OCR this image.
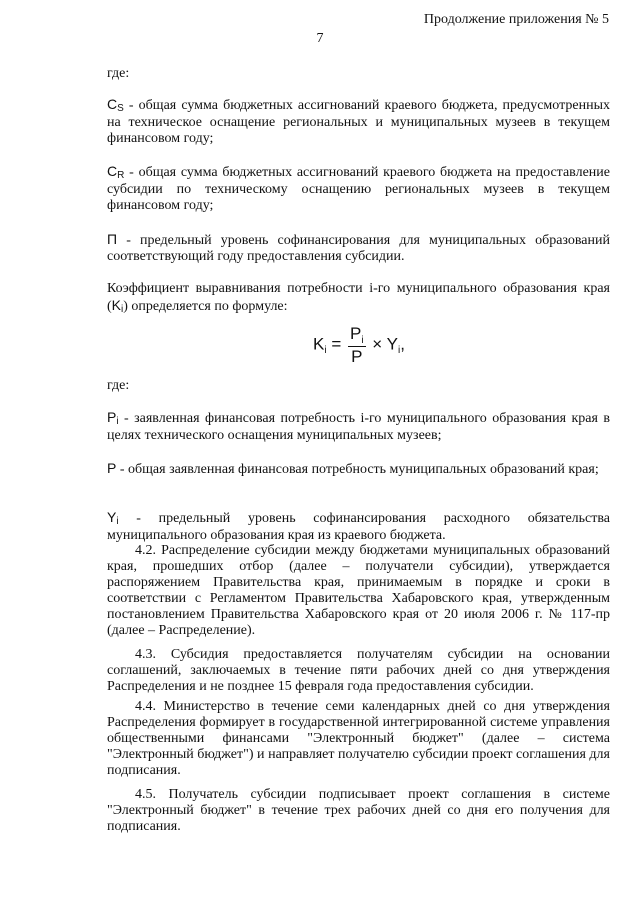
Продолжение приложения № 5
7
где:
CS - общая сумма бюджетных ассигнований краевого бюджета, предусмотренных на техническое оснащение региональных и муниципальных музеев в текущем финансовом году;
CR - общая сумма бюджетных ассигнований краевого бюджета на предоставление субсидии по техническому оснащению региональных музеев в текущем финансовом году;
П - предельный уровень софинансирования для муниципальных образований соответствующий году предоставления субсидии.
Коэффициент выравнивания потребности i-го муниципального образования края (Ki) определяется по формуле:
$K_i = \frac{P_i}{P} \times Y_i$,
где:
Pi - заявленная финансовая потребность i-го муниципального образования края в целях технического оснащения муниципальных музеев;
P - общая заявленная финансовая потребность муниципальных образований края;
Yi - предельный уровень софинансирования расходного обязательства муниципального образования края из краевого бюджета.
4.2. Распределение субсидии между бюджетами муниципальных образований края, прошедших отбор (далее – получатели субсидии), утверждается распоряжением Правительства края, принимаемым в порядке и сроки в соответствии с Регламентом Правительства Хабаровского края, утвержденным постановлением Правительства Хабаровского края от 20 июля 2006 г. № 117-пр (далее – Распределение).
4.3. Субсидия предоставляется получателям субсидии на основании соглашений, заключаемых в течение пяти рабочих дней со дня утверждения Распределения и не позднее 15 февраля года предоставления субсидии.
4.4. Министерство в течение семи календарных дней со дня утверждения Распределения формирует в государственной интегрированной системе управления общественными финансами "Электронный бюджет" (далее – система "Электронный бюджет") и направляет получателю субсидии проект соглашения для подписания.
4.5. Получатель субсидии подписывает проект соглашения в системе "Электронный бюджет" в течение трех рабочих дней со дня его получения для подписания.
